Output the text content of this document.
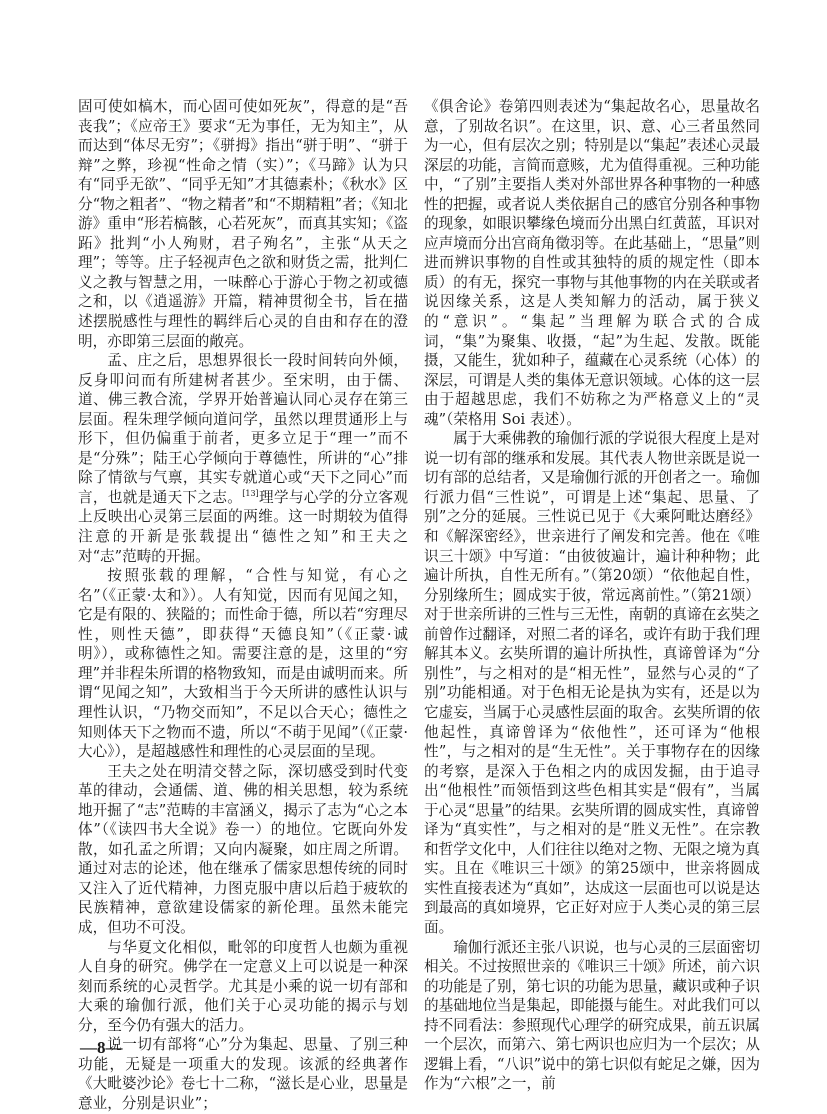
固可使如槁木，而心固可使如死灰”，得意的是“吾丧我”；《应帝王》要求“无为事任，无为知主”，从而达到“体尽无穷”；《骈拇》指出“骈于明”、“骈于辩”之弊，珍视“性命之情（实）”；《马蹄》认为只有“同乎无欲”、“同乎无知”才其德素朴；《秋水》区分“物之粗者”、“物之精者”和“不期精粗”者；《知北游》重申“形若槁骸，心若死灰”，而真其实知；《盗跖》批判“小人殉财，君子殉名”，主张“从天之理”；等等。庄子轻视声色之欲和财货之需，批判仁义之教与智慧之用，一味醉心于游心于物之初或德之和，以《逍遥游》开篇，精神贯彻全书，旨在描述摆脱感性与理性的羁绊后心灵的自由和存在的澄明，亦即第三层面的敞亮。

孟、庄之后，思想界很长一段时间转向外倾，反身叩问而有所建树者甚少。至宋明，由于儒、道、佛三教合流，学界开始普遍认同心灵存在第三层面。程朱理学倾向道问学，虽然以理贯通形上与形下，但仍偏重于前者，更多立足于“理一”而不是“分殊”；陆王心学倾向于尊德性，所讲的“心”排除了情欲与气禀，其实专就道心或“天下之同心”而言，也就是通天下之志。[13]理学与心学的分立客观上反映出心灵第三层面的两维。这一时期较为值得注意的开新是张载提出“德性之知”和王夫之对“志”范畴的开掘。

按照张载的理解，“合性与知觉，有心之名”（《正蒙·太和》）。人有知觉，因而有见闻之知，它是有限的、狭隘的；而性命于德，所以若“穷理尽性，则性天德”，即获得“天德良知”（《正蒙·诚明》），或称德性之知。需要注意的是，这里的“穷理”并非程朱所谓的格物致知，而是由诚明而来。所谓“见闻之知”，大致相当于今天所讲的感性认识与理性认识，“乃物交而知”，不足以合天心；德性之知则体天下之物而不遗，所以“不萌于见闻”（《正蒙·大心》），是超越感性和理性的心灵层面的呈现。

王夫之处在明清交替之际，深切感受到时代变革的律动，会通儒、道、佛的相关思想，较为系统地开掘了“志”范畴的丰富涵义，揭示了志为“心之本体”（《读四书大全说》卷一）的地位。它既向外发散，如孔孟之所谓；又向内凝聚，如庄周之所谓。通过对志的论述，他在继承了儒家思想传统的同时又注入了近代精神，力图克服中唐以后趋于疲软的民族精神，意欲建设儒家的新伦理。虽然未能完成，但功不可没。

与华夏文化相似，毗邻的印度哲人也颇为重视人自身的研究。佛学在一定意义上可以说是一种深刻而系统的心灵哲学。尤其是小乘的说一切有部和大乘的瑜伽行派，他们关于心灵功能的揭示与划分，至今仍有强大的活力。

说一切有部将“心”分为集起、思量、了别三种功能，无疑是一项重大的发现。该派的经典著作《大毗婆沙论》卷七十二称，“滋长是心业，思量是意业，分别是识业”；

《俱舍论》卷第四则表述为“集起故名心，思量故名意，了别故名识”。在这里，识、意、心三者虽然同为一心，但有层次之别；特别是以“集起”表述心灵最深层的功能，言简而意赅，尤为值得重视。三种功能中，“了别”主要指人类对外部世界各种事物的一种感性的把握，或者说人类依据自己的感官分别各种事物的现象，如眼识攀缘色境而分出黑白红黄蓝，耳识对应声境而分出宫商角徵羽等。在此基础上，“思量”则进而辨识事物的自性或其独特的质的规定性（即本质）的有无，探究一事物与其他事物的内在关联或者说因缘关系，这是人类知解力的活动，属于狭义的“意识”。“集起”当理解为联合式的合成词，“集”为聚集、收摄，“起”为生起、发散。既能摄，又能生，犹如种子，蕴藏在心灵系统（心体）的深层，可谓是人类的集体无意识领域。心体的这一层由于超越思虑，我们不妨称之为严格意义上的“灵魂”（荣格用 Soi 表述）。

属于大乘佛教的瑜伽行派的学说很大程度上是对说一切有部的继承和发展。其代表人物世亲既是说一切有部的总结者，又是瑜伽行派的开创者之一。瑜伽行派力倡“三性说”，可谓是上述“集起、思量、了别”之分的延展。三性说已见于《大乘阿毗达磨经》和《解深密经》，世亲进行了阐发和完善。他在《唯识三十颂》中写道：“由彼彼遍计，遍计种种物；此遍计所执，自性无所有。”（第20颂）“依他起自性，分别缘所生；圆成实于彼，常远离前性。”（第21颂）对于世亲所讲的三性与三无性，南朝的真谛在玄奘之前曾作过翻译，对照二者的译名，或许有助于我们理解其本义。玄奘所谓的遍计所执性，真谛曾译为“分别性”，与之相对的是“相无性”，显然与心灵的“了别”功能相通。对于色相无论是执为实有，还是以为它虚妄，当属于心灵感性层面的取舍。玄奘所谓的依他起性，真谛曾译为“依他性”，还可译为“他根性”，与之相对的是“生无性”。关于事物存在的因缘的考察，是深入于色相之内的成因发掘，由于追寻出“他根性”而领悟到这些色相其实是“假有”，当属于心灵“思量”的结果。玄奘所谓的圆成实性，真谛曾译为“真实性”，与之相对的是“胜义无性”。在宗教和哲学文化中，人们往往以绝对之物、无限之境为真实。且在《唯识三十颂》的第25颂中，世亲将圆成实性直接表述为“真如”，达成这一层面也可以说是达到最高的真如境界，它正好对应于人类心灵的第三层面。

瑜伽行派还主张八识说，也与心灵的三层面密切相关。不过按照世亲的《唯识三十颂》所述，前六识的功能是了别，第七识的功能为思量，藏识或种子识的基础地位当是集起，即能摄与能生。对此我们可以持不同看法：参照现代心理学的研究成果，前五识属一个层次，而第六、第七两识也应归为一个层次；从逻辑上看，“八识”说中的第七识似有蛇足之嫌，因为作为“六根”之一，前

—8—
